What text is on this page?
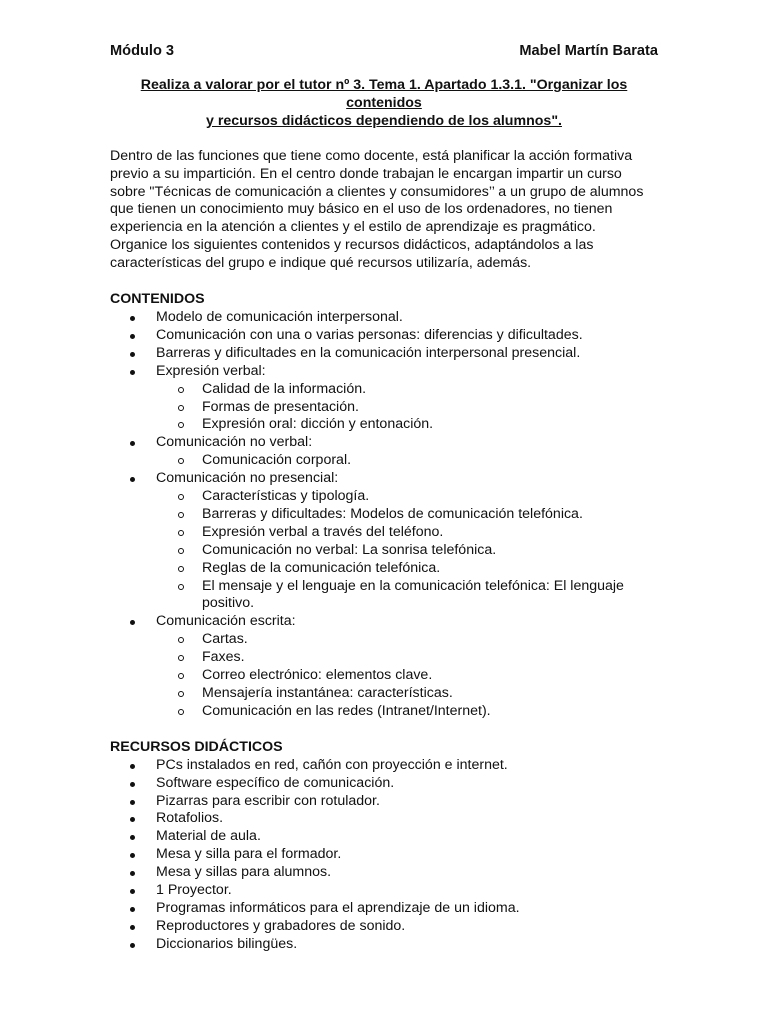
Módulo 3	Mabel Martín Barata
Realiza a valorar por el tutor nº 3. Tema 1. Apartado 1.3.1. "Organizar los contenidos
y recursos didácticos dependiendo de los alumnos".
Dentro de las funciones que tiene como docente, está planificar la acción formativa
previo a su impartición. En el centro donde trabajan le encargan impartir un curso
sobre "Técnicas de comunicación a clientes y consumidores’’ a un grupo de alumnos
que tienen un conocimiento muy básico en el uso de los ordenadores, no tienen
experiencia en la atención a clientes y el estilo de aprendizaje es pragmático.
Organice los siguientes contenidos y recursos didácticos, adaptándolos a las
características del grupo e indique qué recursos utilizaría, además.
CONTENIDOS
Modelo de comunicación interpersonal.
Comunicación con una o varias personas: diferencias y dificultades.
Barreras y dificultades en la comunicación interpersonal presencial.
Expresión verbal:
Calidad de la información.
Formas de presentación.
Expresión oral: dicción y entonación.
Comunicación no verbal:
Comunicación corporal.
Comunicación no presencial:
Características y tipología.
Barreras y dificultades: Modelos de comunicación telefónica.
Expresión verbal a través del teléfono.
Comunicación no verbal: La sonrisa telefónica.
Reglas de la comunicación telefónica.
El mensaje y el lenguaje en la comunicación telefónica: El lenguaje positivo.
Comunicación escrita:
Cartas.
Faxes.
Correo electrónico: elementos clave.
Mensajería instantánea: características.
Comunicación en las redes (Intranet/Internet).
RECURSOS DIDÁCTICOS
PCs instalados en red, cañón con proyección e internet.
Software específico de comunicación.
Pizarras para escribir con rotulador.
Rotafolios.
Material de aula.
Mesa y silla para el formador.
Mesa y sillas para alumnos.
1 Proyector.
Programas informáticos para el aprendizaje de un idioma.
Reproductores y grabadores de sonido.
Diccionarios bilingües.
